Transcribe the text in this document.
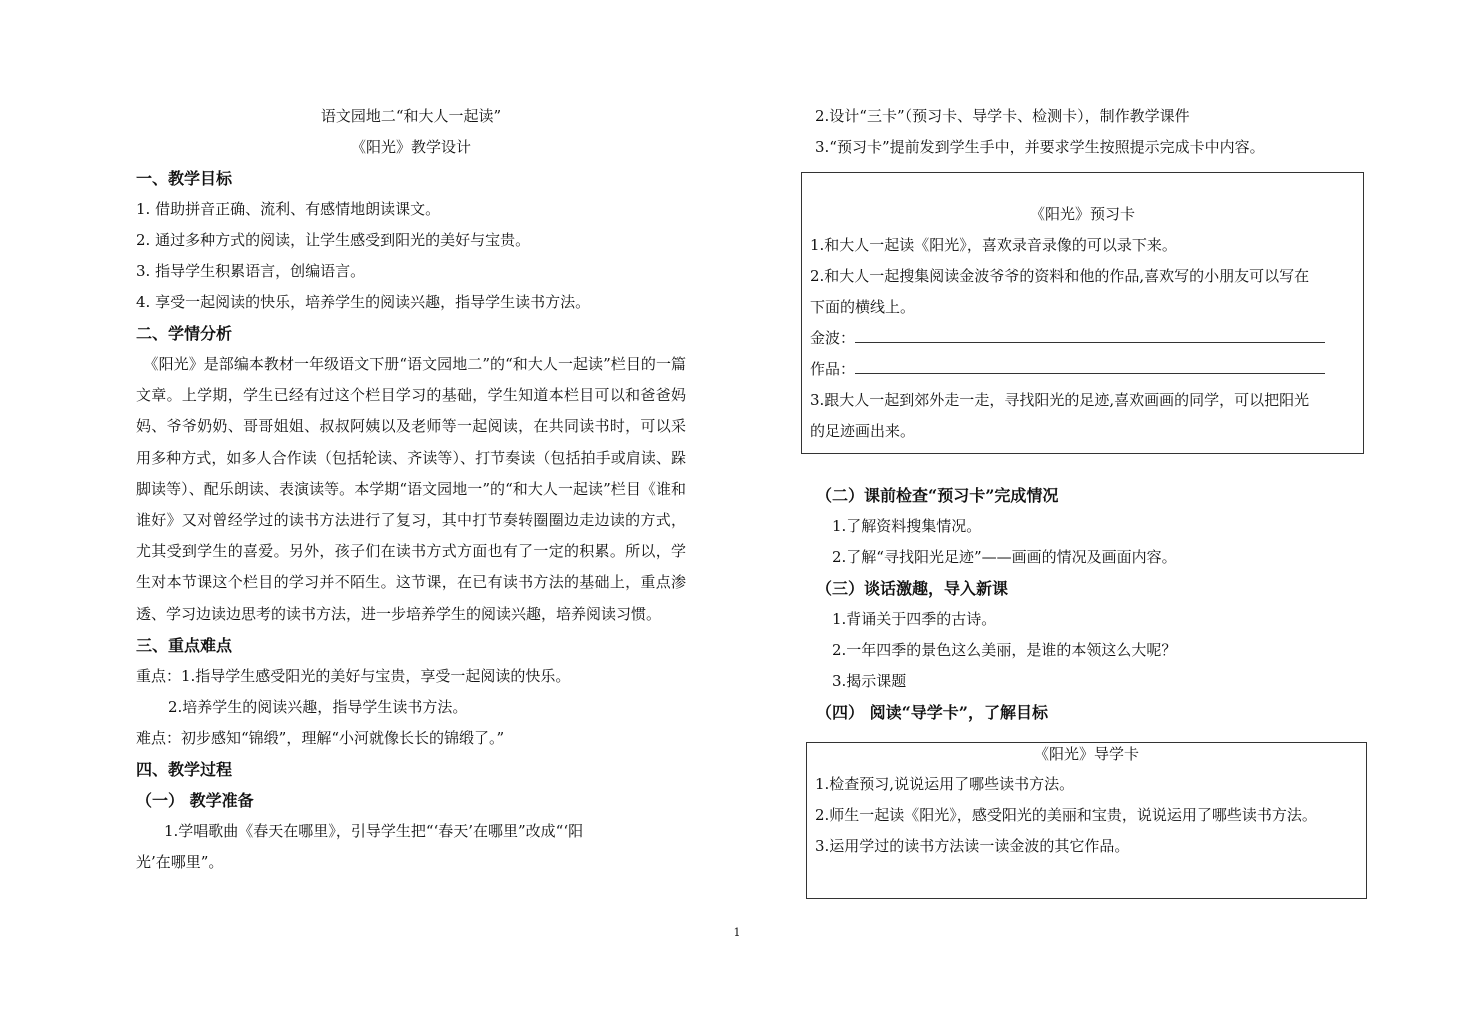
语文园地二“和大人一起读”
《阳光》教学设计
一、教学目标
1. 借助拼音正确、流利、有感情地朗读课文。
2. 通过多种方式的阅读，让学生感受到阳光的美好与宝贵。
3. 指导学生积累语言，创编语言。
4. 享受一起阅读的快乐，培养学生的阅读兴趣，指导学生读书方法。
二、学情分析
　《阳光》是部编本教材一年级语文下册“语文园地二”的“和大人一起读”栏目的一篇文章。上学期，学生已经有过这个栏目学习的基础，学生知道本栏目可以和爸爸妈妈、爷爷奶奶、哥哥姐姐、叔叔阿姨以及老师等一起阅读，在共同读书时，可以采用多种方式，如多人合作读（包括轮读、齐读等）、打节奏读（包括拍手或肩读、跺脚读等）、配乐朗读、表演读等。本学期“语文园地一”的“和大人一起读”栏目《谁和谁好》又对曾经学过的读书方法进行了复习，其中打节奏转圈圈边走边读的方式，尤其受到学生的喜爱。另外，孩子们在读书方式方面也有了一定的积累。所以，学生对本节课这个栏目的学习并不陌生。这节课，在已有读书方法的基础上，重点渗透、学习边读边思考的读书方法，进一步培养学生的阅读兴趣，培养阅读习惯。
三、重点难点
重点：1.指导学生感受阳光的美好与宝贵，享受一起阅读的快乐。
2.培养学生的阅读兴趣，指导学生读书方法。
难点：初步感知“锦缎”，理解“小河就像长长的锦缎了。”
四、教学过程
（一） 教学准备
1.学唱歌曲《春天在哪里》，引导学生把“‘春天’在哪里”改成“‘阳
光’在哪里”。
2.设计“三卡”（预习卡、导学卡、检测卡），制作教学课件
3.“预习卡”提前发到学生手中，并要求学生按照提示完成卡中内容。
《阳光》预习卡
1.和大人一起读《阳光》，喜欢录音录像的可以录下来。
2.和大人一起搜集阅读金波爷爷的资料和他的作品,喜欢写的小朋友可以写在
下面的横线上。
金波：
作品：
3.跟大人一起到郊外走一走，寻找阳光的足迹,喜欢画画的同学，可以把阳光
的足迹画出来。
（二）课前检查“预习卡”完成情况
1.了解资料搜集情况。
2.了解“寻找阳光足迹”——画画的情况及画面内容。
（三）谈话激趣，导入新课
1.背诵关于四季的古诗。
2.一年四季的景色这么美丽，是谁的本领这么大呢？
3.揭示课题
（四） 阅读“导学卡”，了解目标
《阳光》导学卡
1.检查预习,说说运用了哪些读书方法。
2.师生一起读《阳光》，感受阳光的美丽和宝贵，说说运用了哪些读书方法。
3.运用学过的读书方法读一读金波的其它作品。
1
